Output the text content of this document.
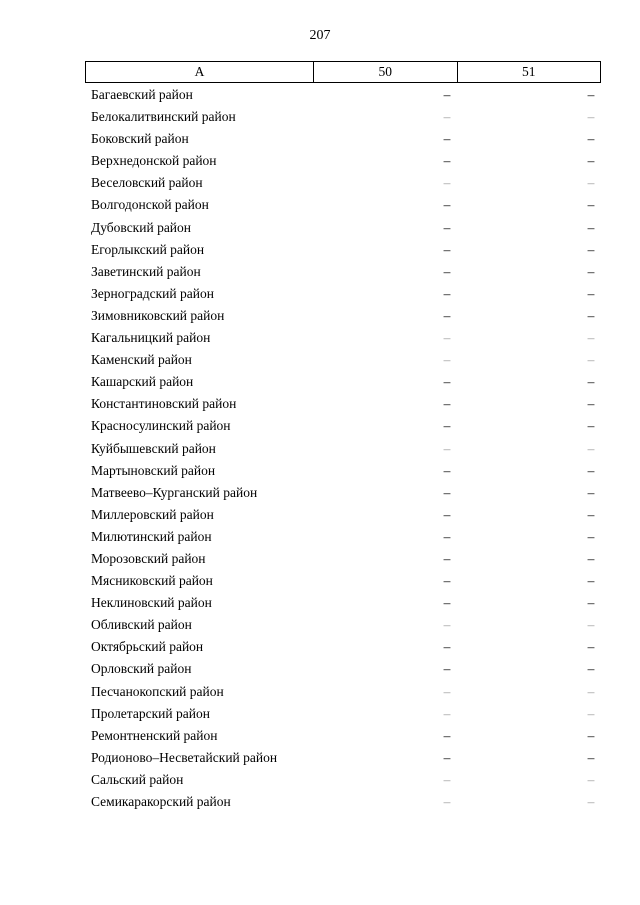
207
А	50	51
Багаевский район	–	–
Белокалитвинский район	–	–
Боковский район	–	–
Верхнедонской район	–	–
Веселовский район	–	–
Волгодонской район	–	–
Дубовский район	–	–
Егорлыкский район	–	–
Заветинский район	–	–
Зерноградский район	–	–
Зимовниковский район	–	–
Кагальницкий район	–	–
Каменский район	–	–
Кашарский район	–	–
Константиновский район	–	–
Красносулинский район	–	–
Куйбышевский район	–	–
Мартыновский район	–	–
Матвеево–Курганский район	–	–
Миллеровский район	–	–
Милютинский район	–	–
Морозовский район	–	–
Мясниковский район	–	–
Неклиновский район	–	–
Обливский район	–	–
Октябрьский район	–	–
Орловский район	–	–
Песчанокопский район	–	–
Пролетарский район	–	–
Ремонтненский район	–	–
Родионово–Несветайский район	–	–
Сальский район	–	–
Семикаракорский район	–	–
